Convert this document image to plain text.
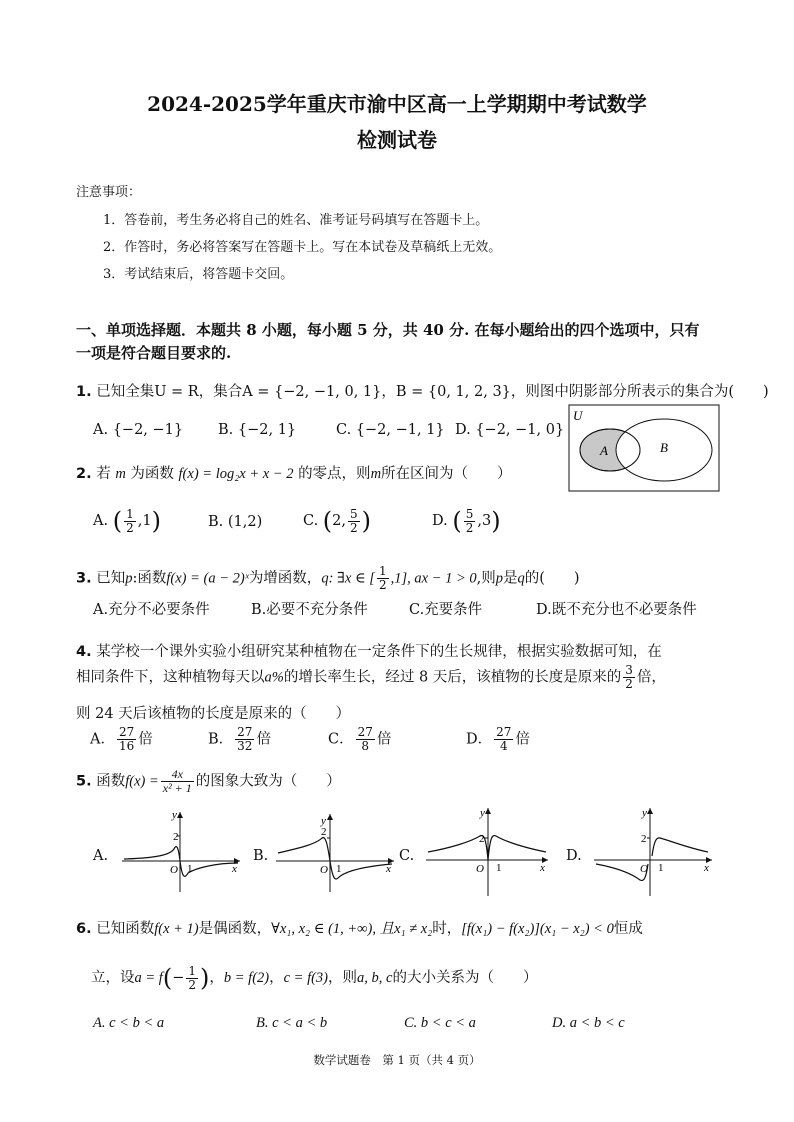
2024-2025学年重庆市渝中区高一上学期期中考试数学
检测试卷
注意事项：
1．答卷前，考生务必将自己的姓名、准考证号码填写在答题卡上。
2．作答时，务必将答案写在答题卡上。写在本试卷及草稿纸上无效。
3．考试结束后，将答题卡交回。
一、单项选择题．本题共 8 小题，每小题 5 分，共 40 分. 在每小题给出的四个选项中，只有
一项是符合题目要求的.
1. 已知全集U = R，集合A = {−2, −1, 0, 1}，B = {0, 1, 2, 3}，则图中阴影部分所表示的集合为(　　)
A. {−2, −1} B. {−2, 1}	C. {−2, −1, 1} D. {−2, −1, 0}
U
A	B
2. 若 m 为函数 f(x) = log₂x + x − 2 的零点，则m所在区间为（　　）
A. ( $\frac{1}{2} ,1$)	B. (1,2)	C. (2, $\frac{5}{2}$ )	D. ( $\frac{5}{2} ,3$)
3. 已知p:函数f(x) = (a − 2)ˣ为增函数，q: ∃x ∈ [ $\frac{1}{2} ,1$], ax − 1 > 0,则p是q的(　　)
A.充分不必要条件	B.必要不充分条件	C.充要条件	D.既不充分也不必要条件
4. 某学校一个课外实验小组研究某种植物在一定条件下的生长规律，根据实验数据可知，在
相同条件下，这种植物每天以a%的增长率生长，经过 8 天后，该植物的长度是原来的 $\frac{3}{2}$ 倍，
则 24 天后该植物的长度是原来的（　　）
A． $\frac{27}{16}$ 倍	B． $\frac{27}{32}$ 倍	C． $\frac{27}{8}$ 倍	D． $\frac{27}{4}$ 倍
5. 函数$f(x) = \frac{4x}{\text{x² + 1}}$ 的图象大致为（　　）
A.
y
2
O 1	x
B.
y
2
O 1	x
C.
y
2
O 1	x
D.
y
2
O 1	x
6. 已知函数f(x + 1)是偶函数，∀x₁, x₂ ∈ (1, +∞), 且x₁ ≠ x₂时，[f(x₁) − f(x₂)](x₁ − x₂) < 0恒成
立，设$a = f(- \frac{1}{2}$ )，b = f(2)，c = f(3)，则a, b, c的大小关系为（　　）
A. c < b < a	B. c < a < b	C. b < c < a	D. a < b < c
数学试题卷　第 1 页（共 4 页）
